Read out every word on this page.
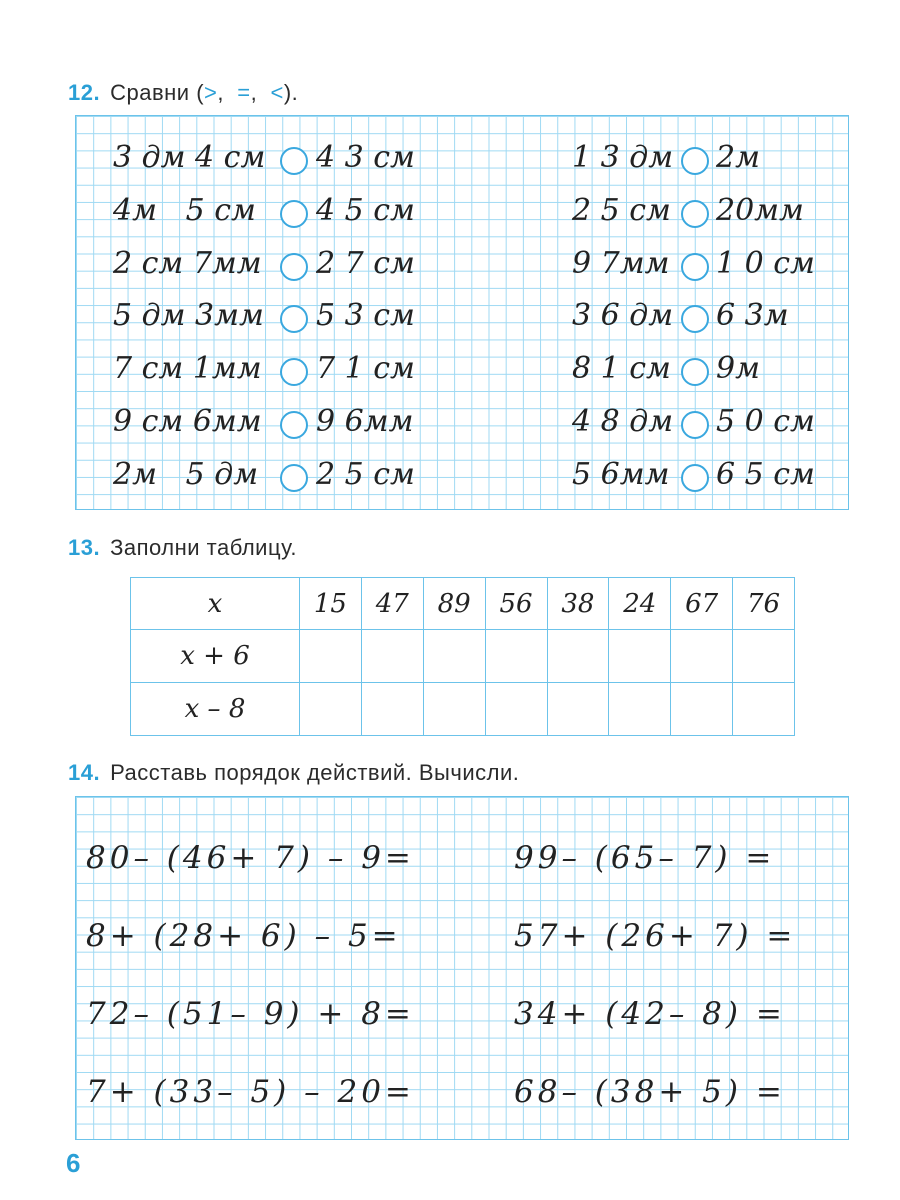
12. Сравни (>, =, <).
3 дм 4 см 4 3 см
4м   5 см 4 5 см
2 см 7мм 2 7 см
5 дм 3мм 5 3 см
7 см 1мм 7 1 см
9 см 6мм 9 6мм
2м   5 дм 2 5 см
1 3 дм 2м
2 5 см 20мм
9 7мм 1 0 см
3 6 дм 6 3м
8 1 см 9м
4 8 дм 5 0 см
5 6мм 6 5 см
13. Заполни таблицу.
x	15	47	89	56	38	24	67	76
x + 6								
x – 8								
14. Расставь порядок действий. Вычисли.
80– (46+ 7) – 9=
8+ (28+ 6) – 5=
72– (51– 9) + 8=
7+ (33– 5) – 20=
99– (65– 7) =
57+ (26+ 7) =
34+ (42– 8) =
68– (38+ 5) =
6
